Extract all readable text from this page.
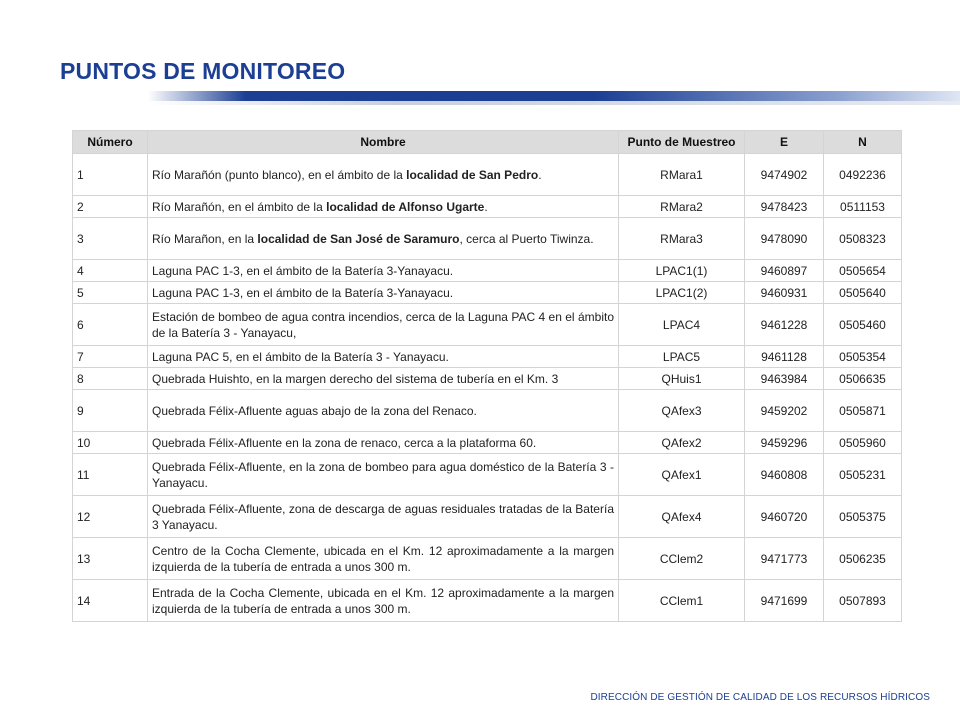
PUNTOS DE MONITOREO
Número	Nombre	Punto de Muestreo	E	N
1	Río Marañón (punto blanco), en el ámbito de la localidad de San Pedro.	RMara1	9474902	0492236
2	Río Marañón, en el ámbito de la localidad de Alfonso Ugarte.	RMara2	9478423	0511153
3	Río Marañon, en la localidad de San José de Saramuro, cerca al Puerto Tiwinza.	RMara3	9478090	0508323
4	Laguna PAC 1-3, en el ámbito de la Batería 3-Yanayacu.	LPAC1(1)	9460897	0505654
5	Laguna PAC 1-3, en el ámbito de la Batería 3-Yanayacu.	LPAC1(2)	9460931	0505640
6	Estación de bombeo de agua contra incendios, cerca de la Laguna PAC 4 en el ámbito de la Batería 3 - Yanayacu,	LPAC4	9461228	0505460
7	Laguna PAC 5, en el ámbito de la Batería 3 - Yanayacu.	LPAC5	9461128	0505354
8	Quebrada Huishto, en la margen derecho del sistema de tubería en el Km. 3	QHuis1	9463984	0506635
9	Quebrada Félix-Afluente aguas abajo de la zona del Renaco.	QAfex3	9459202	0505871
10	Quebrada Félix-Afluente en la zona de renaco, cerca a la plataforma 60.	QAfex2	9459296	0505960
11	Quebrada Félix-Afluente, en la zona de bombeo para agua doméstico de la Batería 3 - Yanayacu.	QAfex1	9460808	0505231
12	Quebrada Félix-Afluente, zona de descarga de aguas residuales tratadas de la Batería 3 Yanayacu.	QAfex4	9460720	0505375
13	Centro de la Cocha Clemente, ubicada en el Km. 12 aproximadamente a la margen izquierda de la tubería de entrada a unos 300 m.	CClem2	9471773	0506235
14	Entrada de la Cocha Clemente, ubicada en el Km. 12 aproximadamente a la margen izquierda de la tubería de entrada a unos 300 m.	CClem1	9471699	0507893
DIRECCIÓN DE GESTIÓN DE CALIDAD DE LOS RECURSOS HÍDRICOS
